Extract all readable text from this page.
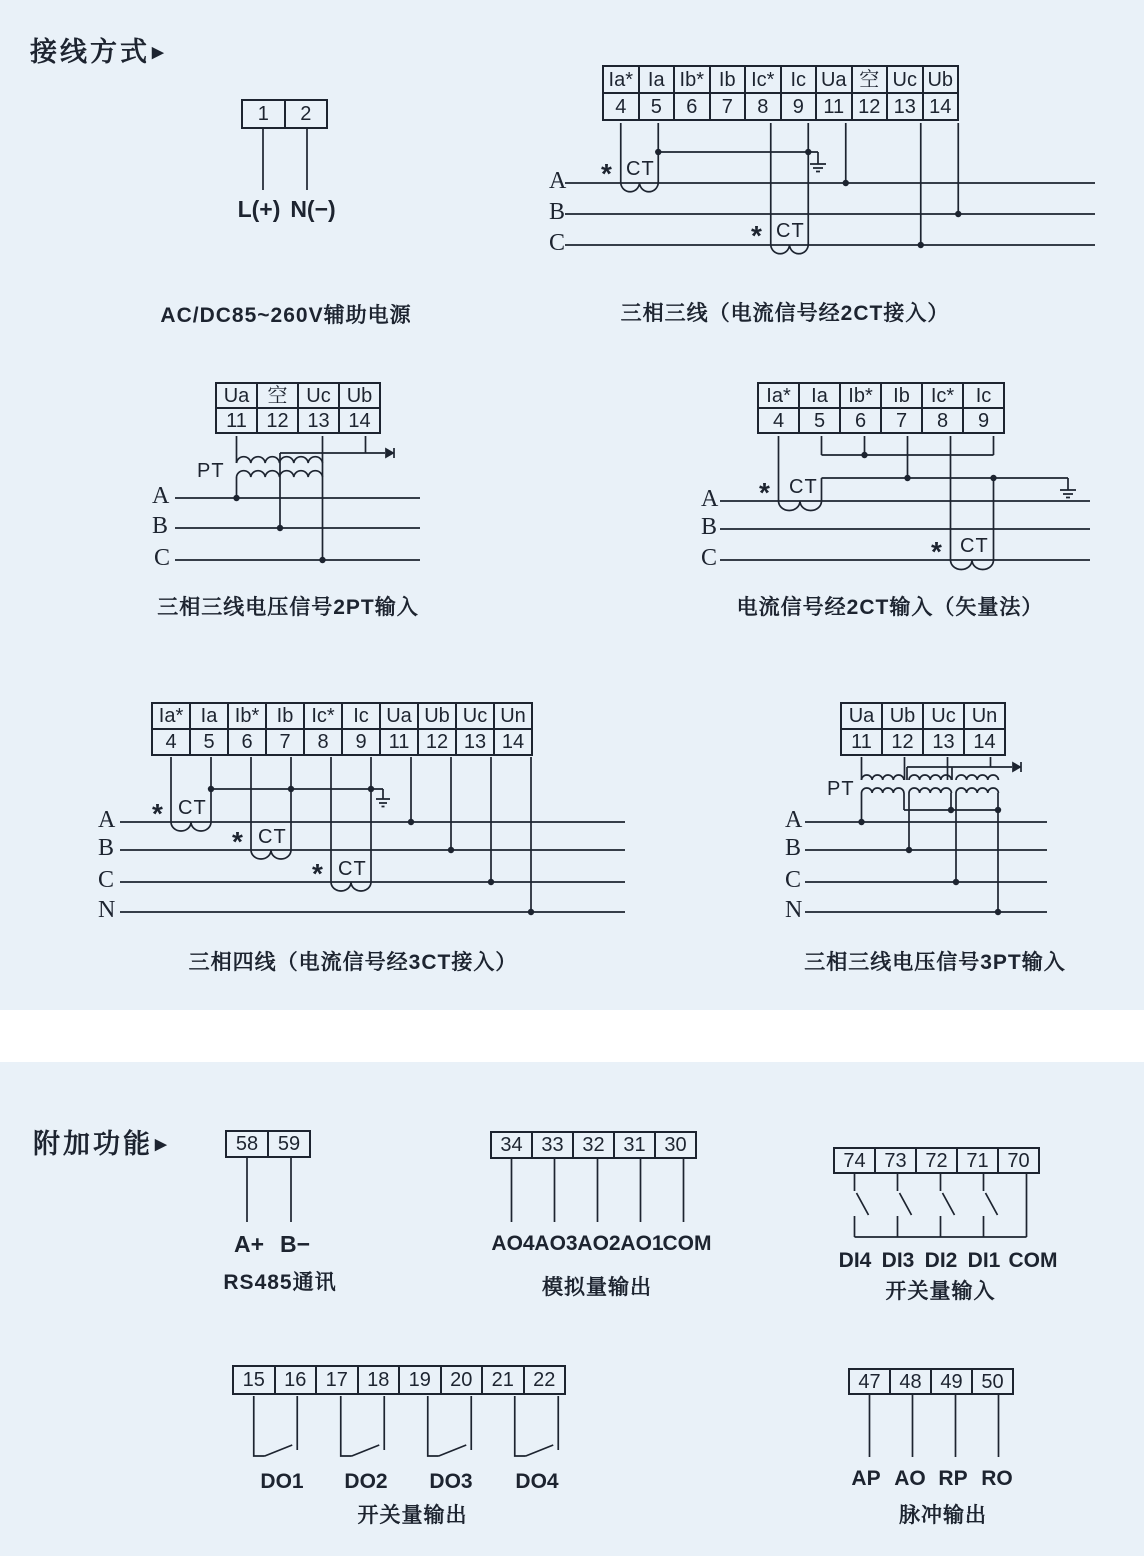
接线方式 ▶
附加功能 ▶
1	2
L(+) N(−)
AC/DC85~260V辅助电源
Ia* Ia Ib* Ib Ic* Ic Ua 空 Uc Ub
4	5	6	7	8	9 11 12 13 14
A
B
C
* CT
* CT
三相三线（电流信号经2CT接入）
Ua 空 Uc Ub
11 12 13 14
PT
A
B
C
三相三线电压信号2PT输入
Ia*	Ia	Ib*	Ib	Ic*	Ic
4	5	6	7	8	9
A
B
C
* CT
* CT
电流信号经2CT输入（矢量法）
Ia* Ia Ib* Ib Ic* Ic Ua Ub Uc Un
4	5	6	7	8	9	11 12 13 14
A
B
C
N
* CT
* CT
* CT
三相四线（电流信号经3CT接入）
Ua Ub Uc Un
11 12 13 14
PT
A
B
C
N
三相三线电压信号3PT输入
58 59
A+ B−
RS485通讯
34 33 32 31 30
AO4 AO3 AO2 AO1
COM
模拟量输出
74 73 72 71 70
DI4 DI3 DI2 DI1 COM
开关量输入
15 16 17 18 19 20 21 22
DO1 DO2 DO3 DO4
开关量输出
47 48 49 50
AP AO RP RO
脉冲输出
